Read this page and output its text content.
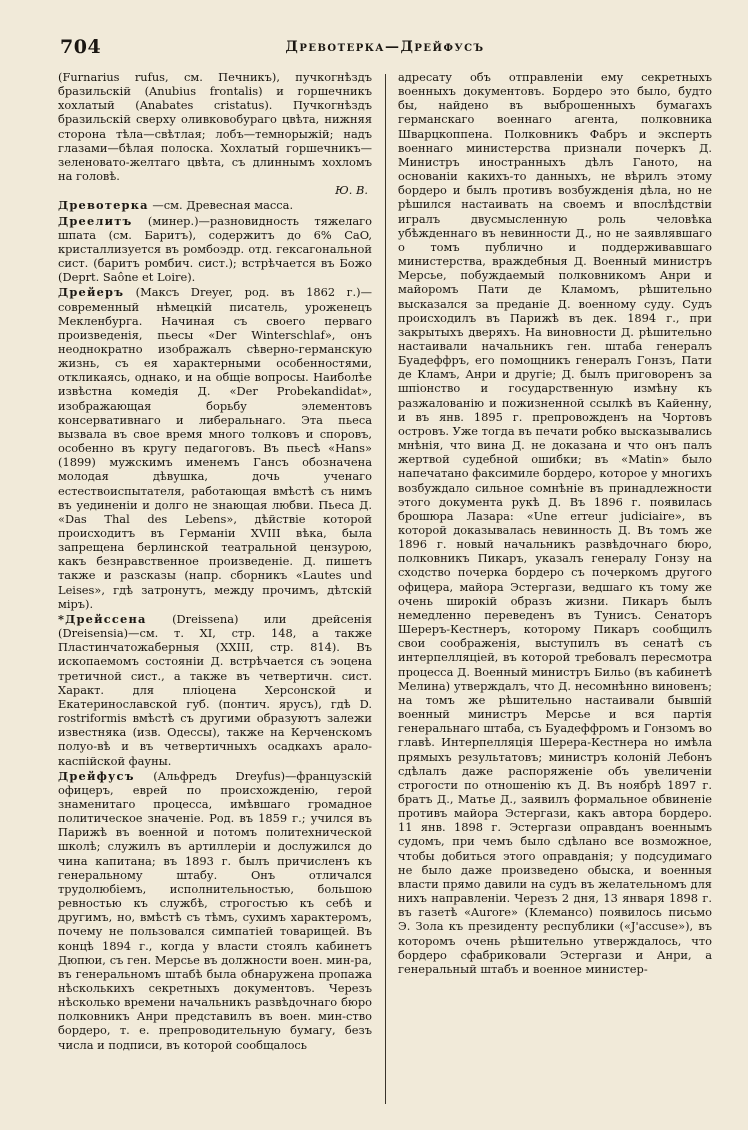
704	Древотерка—Дрейфусъ

(Furnarius rufus, см. Печникъ), пучкогнѣздъ бразильскій (Anubius frontalis) и горшечникъ хохлатый (Anabates cristatus). Пучкогнѣздъ бразильскій сверху оливковобураго цвѣта, нижняя сторона тѣла—свѣтлая; лобъ—темнорыжій; надъ глазами—бѣлая полоска. Хохлатый горшечникъ—зеленовато-желтаго цвѣта, съ длиннымъ хохломъ на головѣ.
Ю. В.

Древотерка —см. Древесная масса.

Дреелитъ (минер.)—разновидность тяжелаго шпата (см. Баритъ), содержитъ до 6% CaO, кристаллизуется въ ромбоэдр. отд. гексагональной сист. (баритъ ромбич. сист.); встрѣчается въ Божо (Deprt. Saône et Loire).

Дрейеръ (Максъ Dreyer, род. въ 1862 г.)—современный нѣмецкій писатель, уроженецъ Мекленбурга. Начиная съ своего перваго произведенія, пьесы «Der Winterschlaf», онъ неоднократно изображалъ сѣверно-германскую жизнь, съ ея характерными особенностями, откликаясь, однако, и на общіе вопросы. Наиболѣе извѣстна комедія Д. «Der Probekandidat», изображающая борьбу элементовъ консервативнаго и либеральнаго. Эта пьеса вызвала въ свое время много толковъ и споровъ, особенно въ кругу педагоговъ. Въ пьесѣ «Hans» (1899) мужскимъ именемъ Гансъ обозначена молодая дѣвушка, дочь ученаго естествоиспытателя, работающая вмѣстѣ съ нимъ въ уединеніи и долго не знающая любви. Пьеса Д. «Das Thal des Lebens», дѣйствіе которой происходитъ въ Германіи XVIII вѣка, была запрещена берлинской театральной цензурою, какъ безнравственное произведеніе. Д. пишетъ также и разсказы (напр. сборникъ «Lautes und Leises», гдѣ затронутъ, между прочимъ, дѣтскій міръ).

*Дрейссена (Dreissena) или дрейсенія (Dreisensia)—см. т. XI, стр. 148, а также Пластинчатожаберныя (XXIII, стр. 814). Въ ископаемомъ состояніи Д. встрѣчается съ эоцена третичной сист., а также въ четвертичн. сист. Характ. для пліоцена Херсонской и Екатеринославской губ. (понтич. ярусъ), гдѣ D. rostriformis вмѣстѣ съ другими образуютъ залежи известняка (изв. Одессы), также на Керченскомъ полуо-вѣ и въ четвертичныхъ осадкахъ арало-каспійской фауны.

Дрейфусъ (Альфредъ Dreyfus)—французскій офицеръ, еврей по происхожденію, герой знаменитаго процесса, имѣвшаго громадное политическое значеніе. Род. въ 1859 г.; учился въ Парижѣ въ военной и потомъ политехнической школѣ; служилъ въ артиллеріи и дослужился до чина капитана; въ 1893 г. былъ причисленъ къ генеральному штабу. Онъ отличался трудолюбіемъ, исполнительностью, большою ревностью къ службѣ, строгостью къ себѣ и другимъ, но, вмѣстѣ съ тѣмъ, сухимъ характеромъ, почему не пользовался симпатіей товарищей. Въ концѣ 1894 г., когда у власти стоялъ кабинетъ Дюпюи, съ ген. Мерсье въ должности воен. мин-ра, въ генеральномъ штабѣ была обнаружена пропажа нѣсколькихъ секретныхъ документовъ. Черезъ нѣсколько времени начальникъ развѣдочнаго бюро полковникъ Анри представилъ въ воен. мин-ство бордеро, т. е. препроводительную бумагу, безъ числа и подписи, въ которой сообщалось

адресату объ отправленіи ему секретныхъ военныхъ документовъ. Бордеро это было, будто бы, найдено въ выброшенныхъ бумагахъ германскаго военнаго агента, полковника Шварцкоппена. Полковникъ Фабръ и эксперть военнаго министерства признали почеркъ Д. Министръ иностранныхъ дѣлъ Ганото, на основаніи какихъ-то данныхъ, не вѣрилъ этому бордеро и былъ противъ возбужденія дѣла, но не рѣшился настаивать на своемъ и впослѣдствіи игралъ двусмысленную роль человѣка убѣжденнаго въ невинности Д., но не заявлявшаго о томъ публично и поддерживавшаго министерства, враждебныя Д. Военный министръ Мерсье, побуждаемый полковникомъ Анри и майоромъ Пати де Кламомъ, рѣшительно высказался за преданіе Д. военному суду. Судъ происходилъ въ Парижѣ въ дек. 1894 г., при закрытыхъ дверяхъ. На виновности Д. рѣшительно настаивали начальникъ ген. штаба генералъ Буадеффръ, его помощникъ генералъ Гонзъ, Пати де Кламъ, Анри и другіе; Д. былъ приговоренъ за шпіонство и государственную измѣну къ разжалованію и пожизненной ссылкѣ въ Кайенну, и въ янв. 1895 г. препровожденъ на Чортовъ островъ. Уже тогда въ печати робко высказывались мнѣнія, что вина Д. не доказана и что онъ палъ жертвой судебной ошибки; въ «Matin» было напечатано факсимиле бордеро, которое у многихъ возбуждало сильное сомнѣніе въ принадлежности этого документа рукѣ Д. Въ 1896 г. появилась брошюра Лазара: «Une erreur judiciaire», въ которой доказывалась невинность Д. Въ томъ же 1896 г. новый начальникъ развѣдочнаго бюро, полковникъ Пикаръ, указалъ генералу Гонзу на сходство почерка бордеро съ почеркомъ другого офицера, майора Эстергази, ведшаго къ тому же очень широкій образъ жизни. Пикаръ былъ немедленно переведенъ въ Тунисъ. Сенаторъ Шереръ-Кестнеръ, которому Пикаръ сообщилъ свои соображенія, выступилъ въ сенатѣ съ интерпелляціей, въ которой требовалъ пересмотра процесса Д. Военный министръ Бильо (въ кабинетѣ Мелина) утверждалъ, что Д. несомнѣнно виновенъ; на томъ же рѣшительно настаивали бывшій военный министръ Мерсье и вся партія генеральнаго штаба, съ Буадеффромъ и Гонзомъ во главѣ. Интерпелляція Шерера-Кестнера но имѣла прямыхъ результатовъ; министръ колоній Лебонъ сдѣлалъ даже распоряженіе объ увеличеніи строгости по отношенію къ Д. Въ ноябрѣ 1897 г. братъ Д., Матье Д., заявилъ формальное обвиненіе противъ майора Эстергази, какъ автора бордеро. 11 янв. 1898 г. Эстергази оправданъ военнымъ судомъ, при чемъ было сдѣлано все возможное, чтобы добиться этого оправданія; у подсудимаго не было даже произведено обыска, и военныя власти прямо давили на судъ въ желательномъ для нихъ направленіи. Черезъ 2 дня, 13 января 1898 г. въ газетѣ «Aurore» (Клемансо) появилось письмо Э. Зола къ президенту республики («J'accuse»), въ которомъ очень рѣшительно утверждалось, что бордеро сфабриковали Эстергази и Анри, а генеральный штабъ и военное министер-
